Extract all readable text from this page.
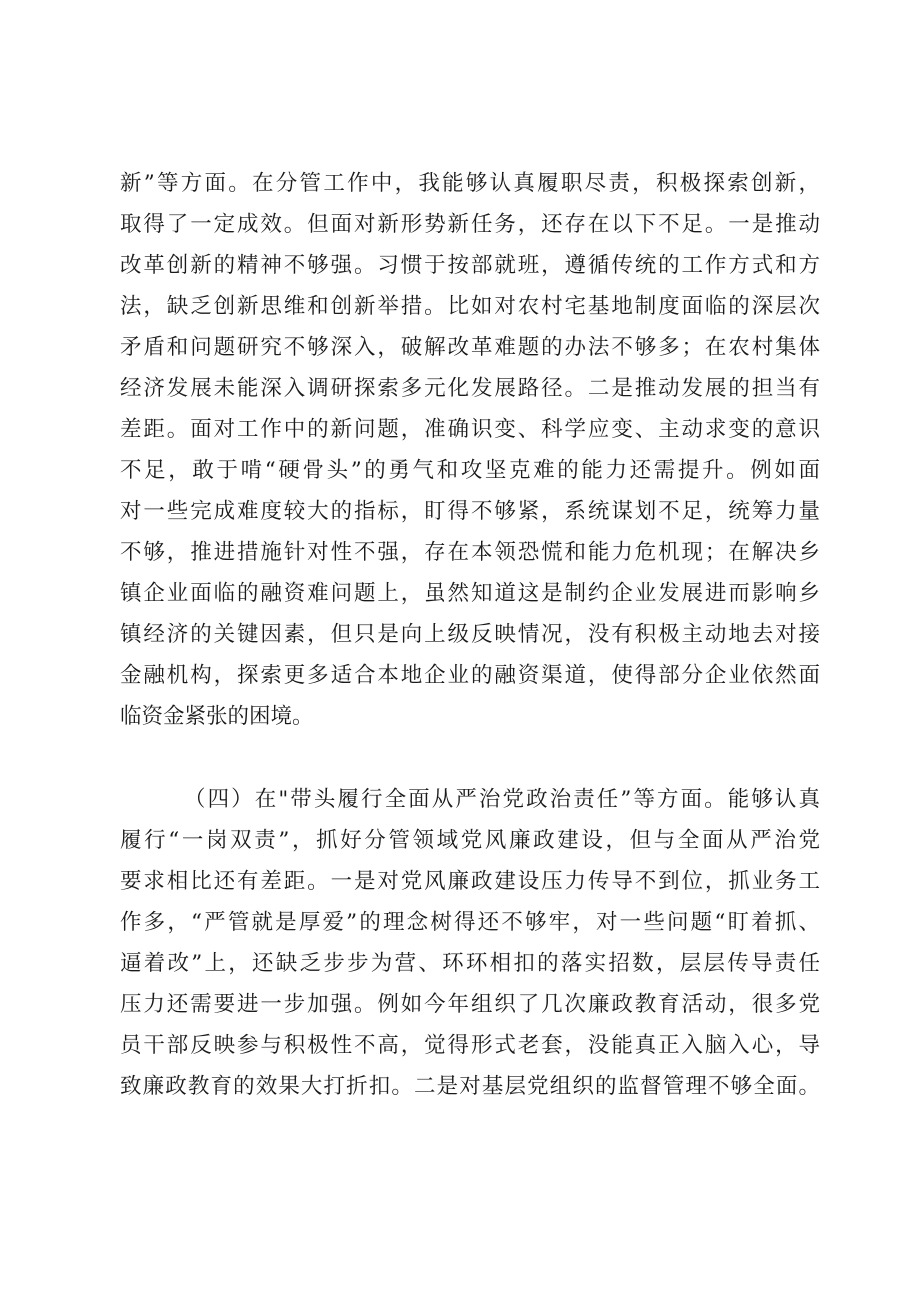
新”等方面。在分管工作中，我能够认真履职尽责，积极探索创新，
取得了一定成效。但面对新形势新任务，还存在以下不足。一是推动
改革创新的精神不够强。习惯于按部就班，遵循传统的工作方式和方
法，缺乏创新思维和创新举措。比如对农村宅基地制度面临的深层次
矛盾和问题研究不够深入，破解改革难题的办法不够多；在农村集体
经济发展未能深入调研探索多元化发展路径。二是推动发展的担当有
差距。面对工作中的新问题，准确识变、科学应变、主动求变的意识
不足，敢于啃“硬骨头”的勇气和攻坚克难的能力还需提升。例如面
对一些完成难度较大的指标，盯得不够紧，系统谋划不足，统筹力量
不够，推进措施针对性不强，存在本领恐慌和能力危机现；在解决乡
镇企业面临的融资难问题上，虽然知道这是制约企业发展进而影响乡
镇经济的关键因素，但只是向上级反映情况，没有积极主动地去对接
金融机构，探索更多适合本地企业的融资渠道，使得部分企业依然面
临资金紧张的困境。
（四）在"带头履行全面从严治党政治责任”等方面。能够认真
履行“一岗双责”，抓好分管领域党风廉政建设，但与全面从严治党
要求相比还有差距。一是对党风廉政建设压力传导不到位，抓业务工
作多，“严管就是厚爱”的理念树得还不够牢，对一些问题“盯着抓、
逼着改”上，还缺乏步步为营、环环相扣的落实招数，层层传导责任
压力还需要进一步加强。例如今年组织了几次廉政教育活动，很多党
员干部反映参与积极性不高，觉得形式老套，没能真正入脑入心，导
致廉政教育的效果大打折扣。二是对基层党组织的监督管理不够全面。
